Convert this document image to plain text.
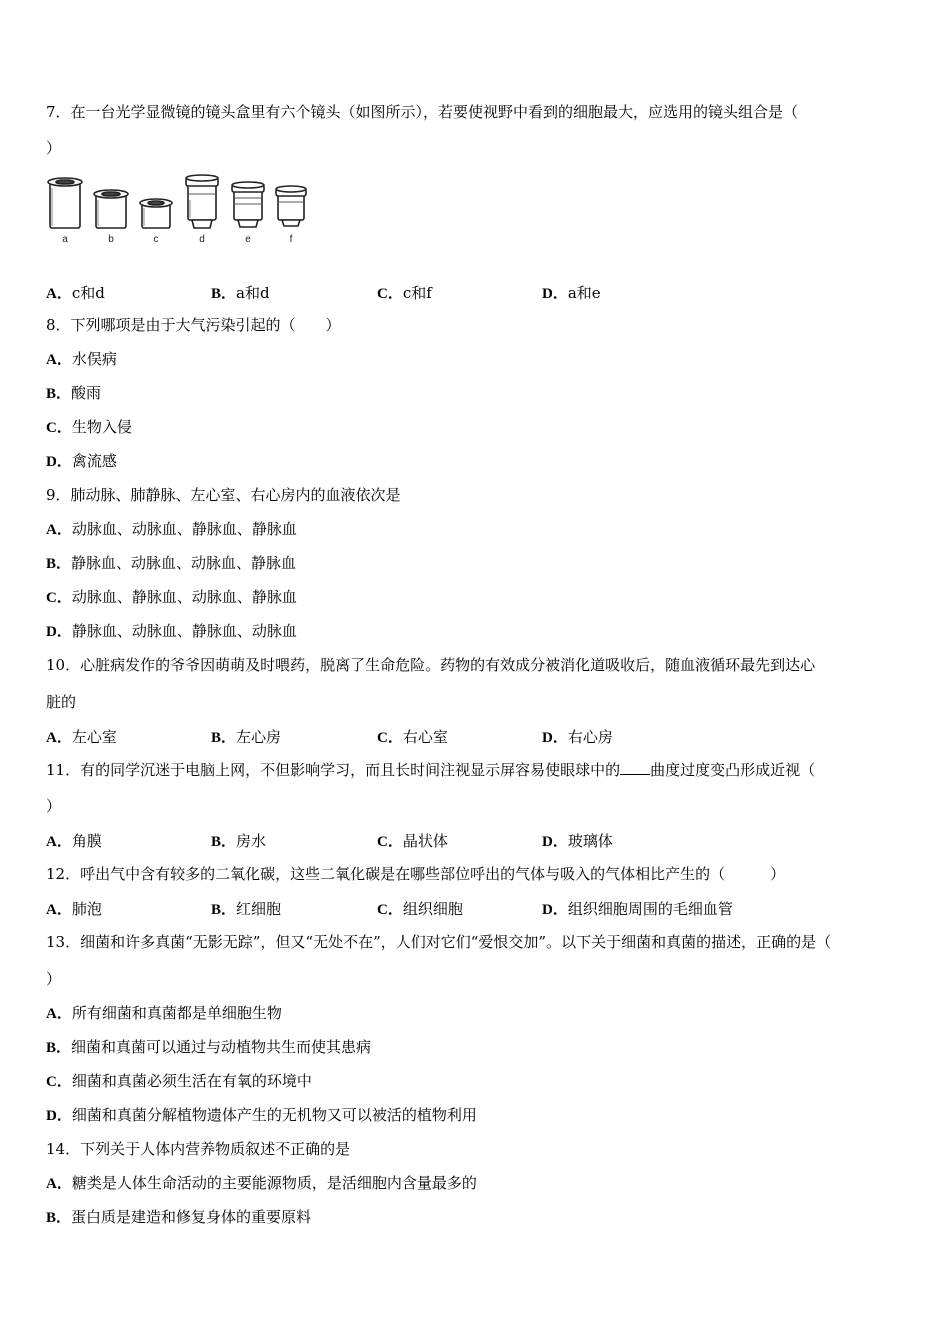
7．在一台光学显微镜的镜头盒里有六个镜头（如图所示），若要使视野中看到的细胞最大，应选用的镜头组合是（
）
a	b	c	d	e	f
A．c和d	B．a和d	C．c和f	D．a和e
8．下列哪项是由于大气污染引起的（　　）
A．水俣病
B．酸雨
C．生物入侵
D．禽流感
9．肺动脉、肺静脉、左心室、右心房内的血液依次是
A．动脉血、动脉血、静脉血、静脉血
B．静脉血、动脉血、动脉血、静脉血
C．动脉血、静脉血、动脉血、静脉血
D．静脉血、动脉血、静脉血、动脉血
10．心脏病发作的爷爷因萌萌及时喂药，脱离了生命危险。药物的有效成分被消化道吸收后，随血液循环最先到达心
脏的
A．左心室	B．左心房	C．右心室	D．右心房
11．有的同学沉迷于电脑上网，不但影响学习，而且长时间注视显示屏容易使眼球中的 曲度过度变凸形成近视（
）
A．角膜	B．房水	C．晶状体	D．玻璃体
12．呼出气中含有较多的二氧化碳，这些二氧化碳是在哪些部位呼出的气体与吸入的气体相比产生的（　　　）
A．肺泡	B．红细胞	C．组织细胞	D．组织细胞周围的毛细血管
13．细菌和许多真菌“无影无踪”，但又“无处不在”，人们对它们“爱恨交加”。以下关于细菌和真菌的描述，正确的是（
）
A．所有细菌和真菌都是单细胞生物
B．细菌和真菌可以通过与动植物共生而使其患病
C．细菌和真菌必须生活在有氧的环境中
D．细菌和真菌分解植物遗体产生的无机物又可以被活的植物利用
14．下列关于人体内营养物质叙述不正确的是
A．糖类是人体生命活动的主要能源物质，是活细胞内含量最多的
B．蛋白质是建造和修复身体的重要原料
